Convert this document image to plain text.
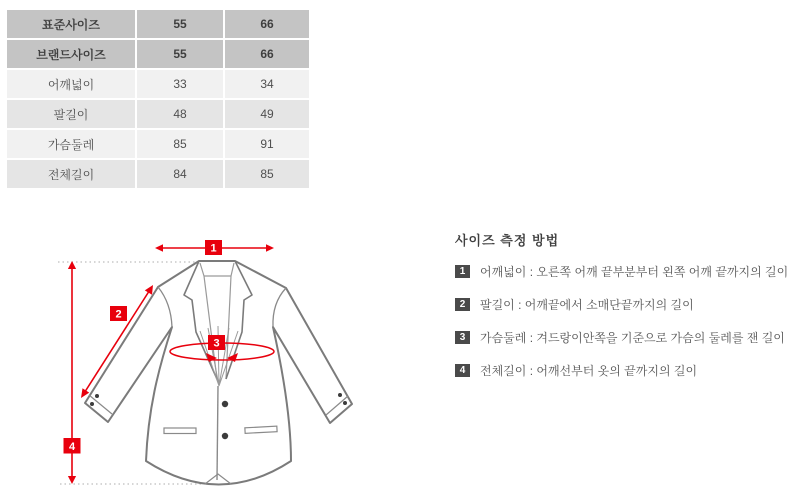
표준사이즈	55	66
브랜드사이즈	55	66
어깨넓이	33	34
팔길이	48	49
가슴둘레	85	91
전체길이	84	85
1
2
3
4

사이즈 측정 방법

1	어깨넓이 : 오른쪽 어깨 끝부분부터 왼쪽 어깨 끝까지의 길이
2	팔길이 : 어깨끝에서 소매단끝까지의 길이
3	가슴둘레 : 겨드랑이안쪽을 기준으로 가슴의 둘레를 잰 길이
4	전체길이 : 어깨선부터 옷의 끝까지의 길이
